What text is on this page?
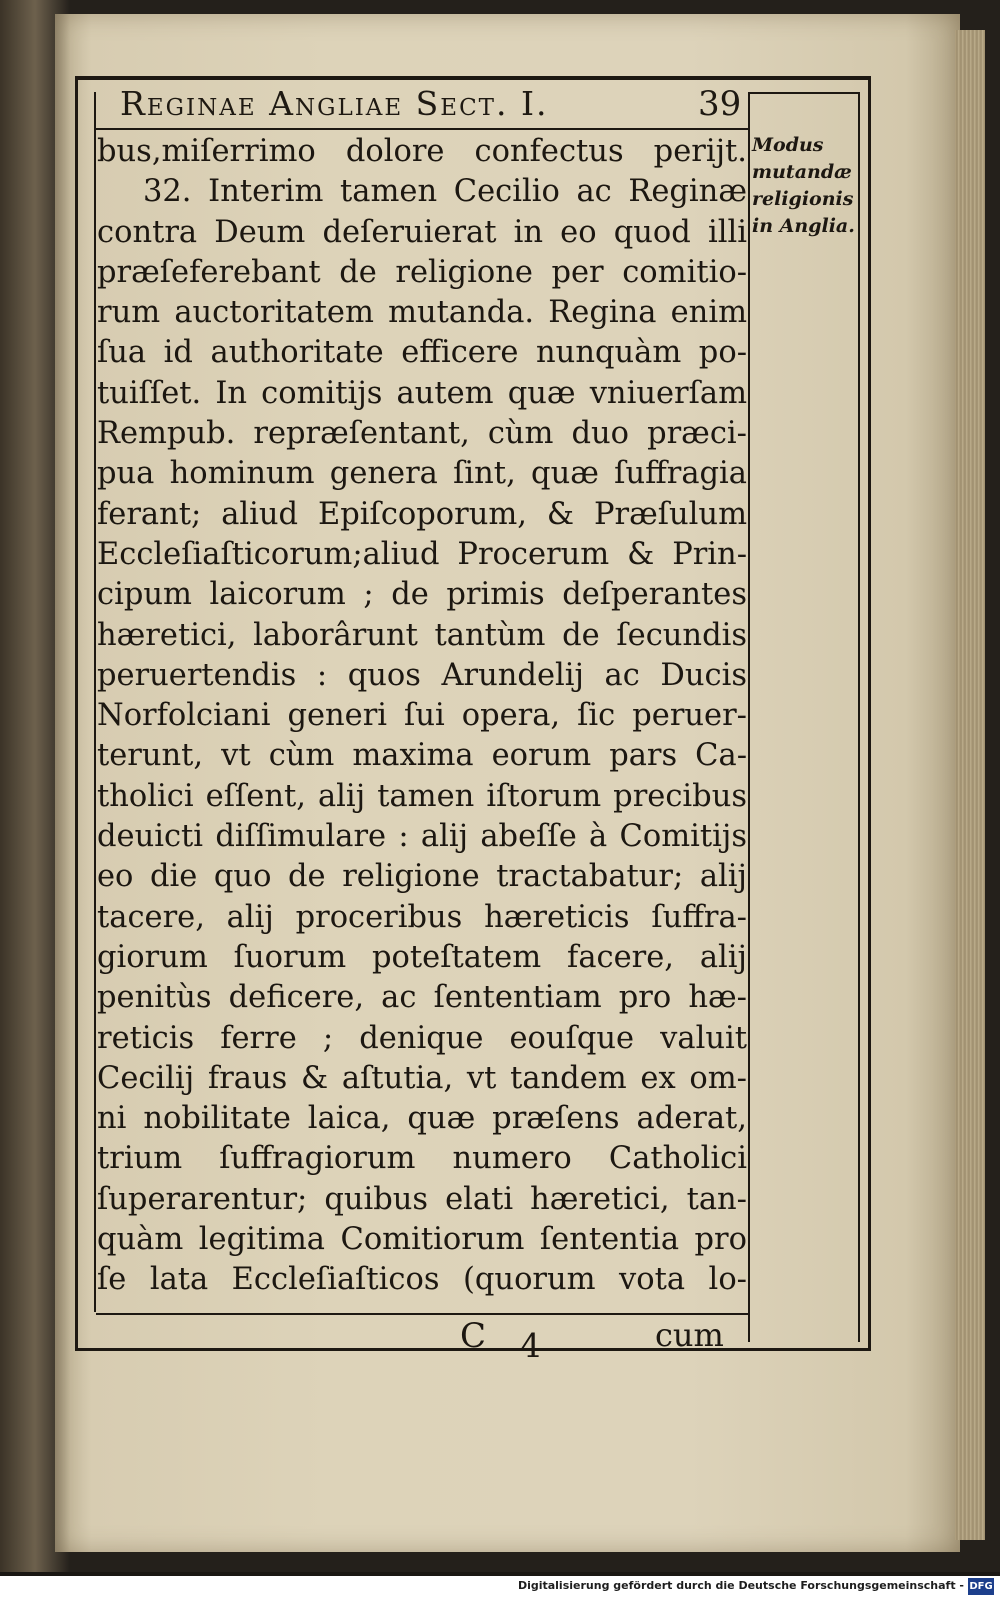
Reginae Angliae Sect. I.	39
bus,miſerrimo dolore confectus perijt.
32. Interim tamen Cecilio ac Reginæ
contra Deum deſeruierat in eo quod illi
præſeferebant de religione per comitio-
rum auctoritatem mutanda. Regina enim
ſua id authoritate efficere nunquàm po-
tuiſſet. In comitijs autem quæ vniuerſam
Rempub. repræſentant, cùm duo præci-
pua hominum genera ſint, quæ ſuffragia
ferant; aliud Epiſcoporum, & Præſulum
Eccleſiaſticorum;aliud Procerum & Prin-
cipum laicorum ; de primis deſperantes
hæretici, laborârunt tantùm de ſecundis
peruertendis : quos Arundelij ac Ducis
Norfolciani generi ſui opera, ſic peruer-
terunt, vt cùm maxima eorum pars Ca-
tholici eſſent, alij tamen iſtorum precibus
deuicti diſſimulare : alij abeſſe à Comitijs
eo die quo de religione tractabatur; alij
tacere, alij proceribus hæreticis ſuffra-
giorum ſuorum poteſtatem facere, alij
penitùs deficere, ac ſententiam pro hæ-
reticis ferre ; denique eouſque valuit
Cecilij fraus & aſtutia, vt tandem ex om-
ni nobilitate laica, quæ præſens aderat,
trium ſuffragiorum numero Catholici
ſuperarentur; quibus elati hæretici, tan-
quàm legitima Comitiorum ſententia pro
ſe lata Eccleſiaſticos (quorum vota lo-
Modus
mutandæ
religionis
in Anglia.
C 4	cum
Digitalisierung gefördert durch die Deutsche Forschungsgemeinschaft - DFG
